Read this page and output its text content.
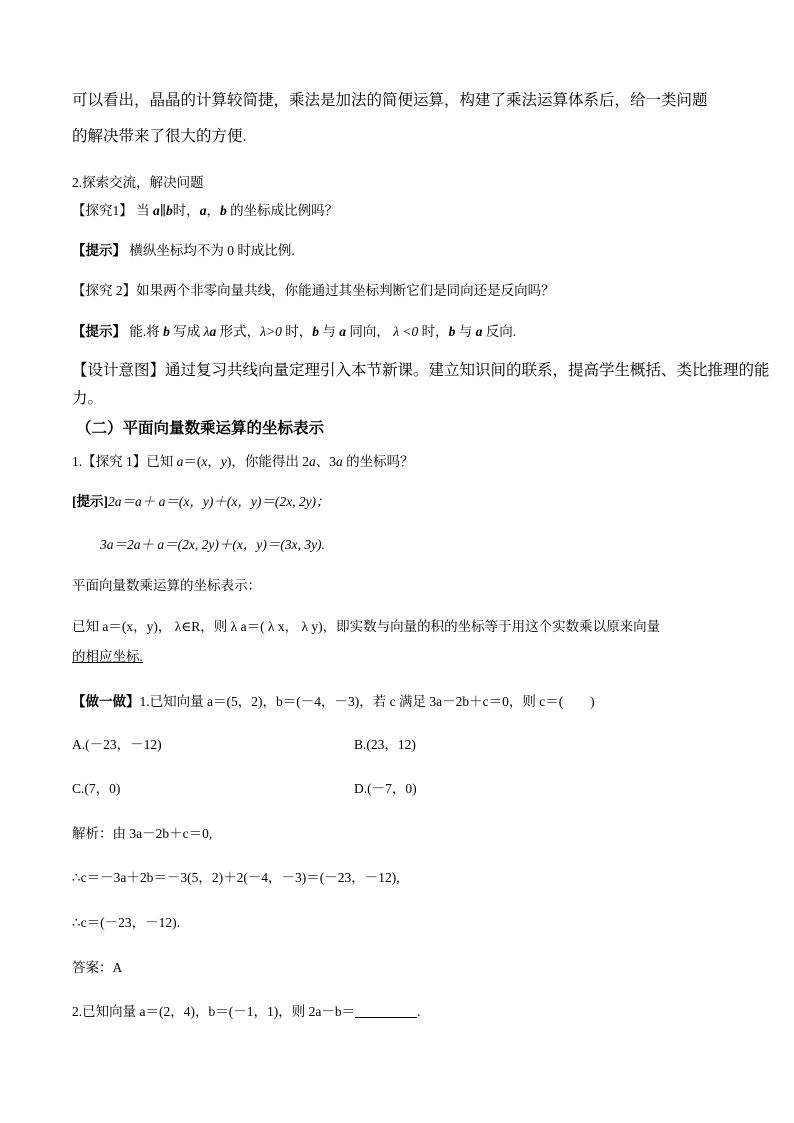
可以看出，晶晶的计算较简捷，乘法是加法的简便运算，构建了乘法运算体系后，给一类问题
的解决带来了很大的方便.
2.探索交流，解决问题
【探究1】 当 a∥b时，a，b 的坐标成比例吗？
【提示】 横纵坐标均不为 0 时成比例.
【探究 2】如果两个非零向量共线，你能通过其坐标判断它们是同向还是反向吗？
【提示】 能.将 b 写成 λa 形式，λ>0 时，b 与 a 同向， λ <0 时，b 与 a 反向.
【设计意图】通过复习共线向量定理引入本节新课。建立知识间的联系，提高学生概括、类比推理的能
力。
（二）平面向量数乘运算的坐标表示
1.【探究 1】已知 a＝(x，y)，你能得出 2a、3a 的坐标吗？
[提示]2a＝a＋ a＝(x，y)＋(x，y)＝(2x, 2y)；
3a＝2a＋ a＝(2x, 2y)＋(x，y)＝(3x, 3y).
平面向量数乘运算的坐标表示：
已知 a＝(x，y)， λ∈R，则 λ a＝( λ x， λ y)，即实数与向量的积的坐标等于用这个实数乘以原来向量
的相应坐标.
【做一做】1.已知向量 a＝(5，2)，b＝(－4，－3)，若 c 满足 3a－2b＋c＝0，则 c＝(　　)
A.(－23，－12)	B.(23，12)
C.(7，0)	D.(－7，0)
解析：由 3a－2b＋c＝0,
∴c＝－3a＋2b＝－3(5，2)＋2(－4，－3)＝(－23，－12),
∴c＝(－23，－12).
答案：A
2.已知向量 a＝(2，4)，b＝(－1，1)，则 2a－b＝	.
